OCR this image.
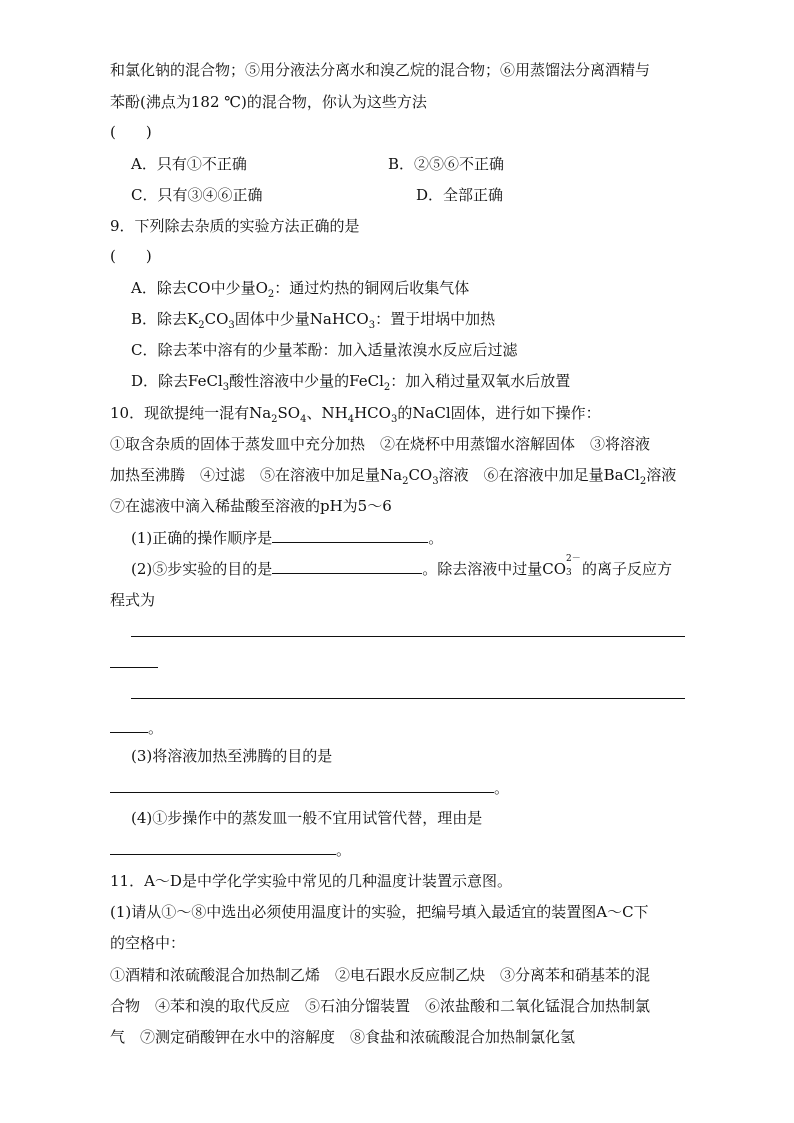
和氯化钠的混合物；⑤用分液法分离水和溴乙烷的混合物；⑥用蒸馏法分离酒精与
苯酚(沸点为182 ℃)的混合物，你认为这些方法
(　　)
A．只有①不正确	B．②⑤⑥不正确
C．只有③④⑥正确	D．全部正确
9．下列除去杂质的实验方法正确的是
(　　)
A．除去CO中少量$O_2$：通过灼热的铜网后收集气体
B．除去$K_2CO_3$固体中少量NaHCO$_3$：置于坩埚中加热
C．除去苯中溶有的少量苯酚：加入适量浓溴水反应后过滤
D．除去FeCl$_3$酸性溶液中少量的FeCl$_2$：加入稍过量双氧水后放置
10．现欲提纯一混有$Na_2SO_4$、$NH_4HCO_3$的NaCl固体，进行如下操作：
①取含杂质的固体于蒸发皿中充分加热　②在烧杯中用蒸馏水溶解固体　③将溶液
加热至沸腾　④过滤　⑤在溶液中加足量$Na_2CO_3$溶液　⑥在溶液中加足量BaCl$_2$溶液
⑦在滤液中滴入稀盐酸至溶液的pH为5～6
(1)正确的操作顺序是	。
(2)⑤步实验的目的是	。除去溶液中过量CO
2－
3 的离子反应方
程式为
。
(3)将溶液加热至沸腾的目的是
。
(4)①步操作中的蒸发皿一般不宜用试管代替，理由是
。
11．A～D是中学化学实验中常见的几种温度计装置示意图。
(1)请从①～⑧中选出必须使用温度计的实验，把编号填入最适宜的装置图A～C下
的空格中：
①酒精和浓硫酸混合加热制乙烯　②电石跟水反应制乙炔　③分离苯和硝基苯的混
合物　④苯和溴的取代反应　⑤石油分馏装置　⑥浓盐酸和二氧化锰混合加热制氯
气　⑦测定硝酸钾在水中的溶解度　⑧食盐和浓硫酸混合加热制氯化氢
